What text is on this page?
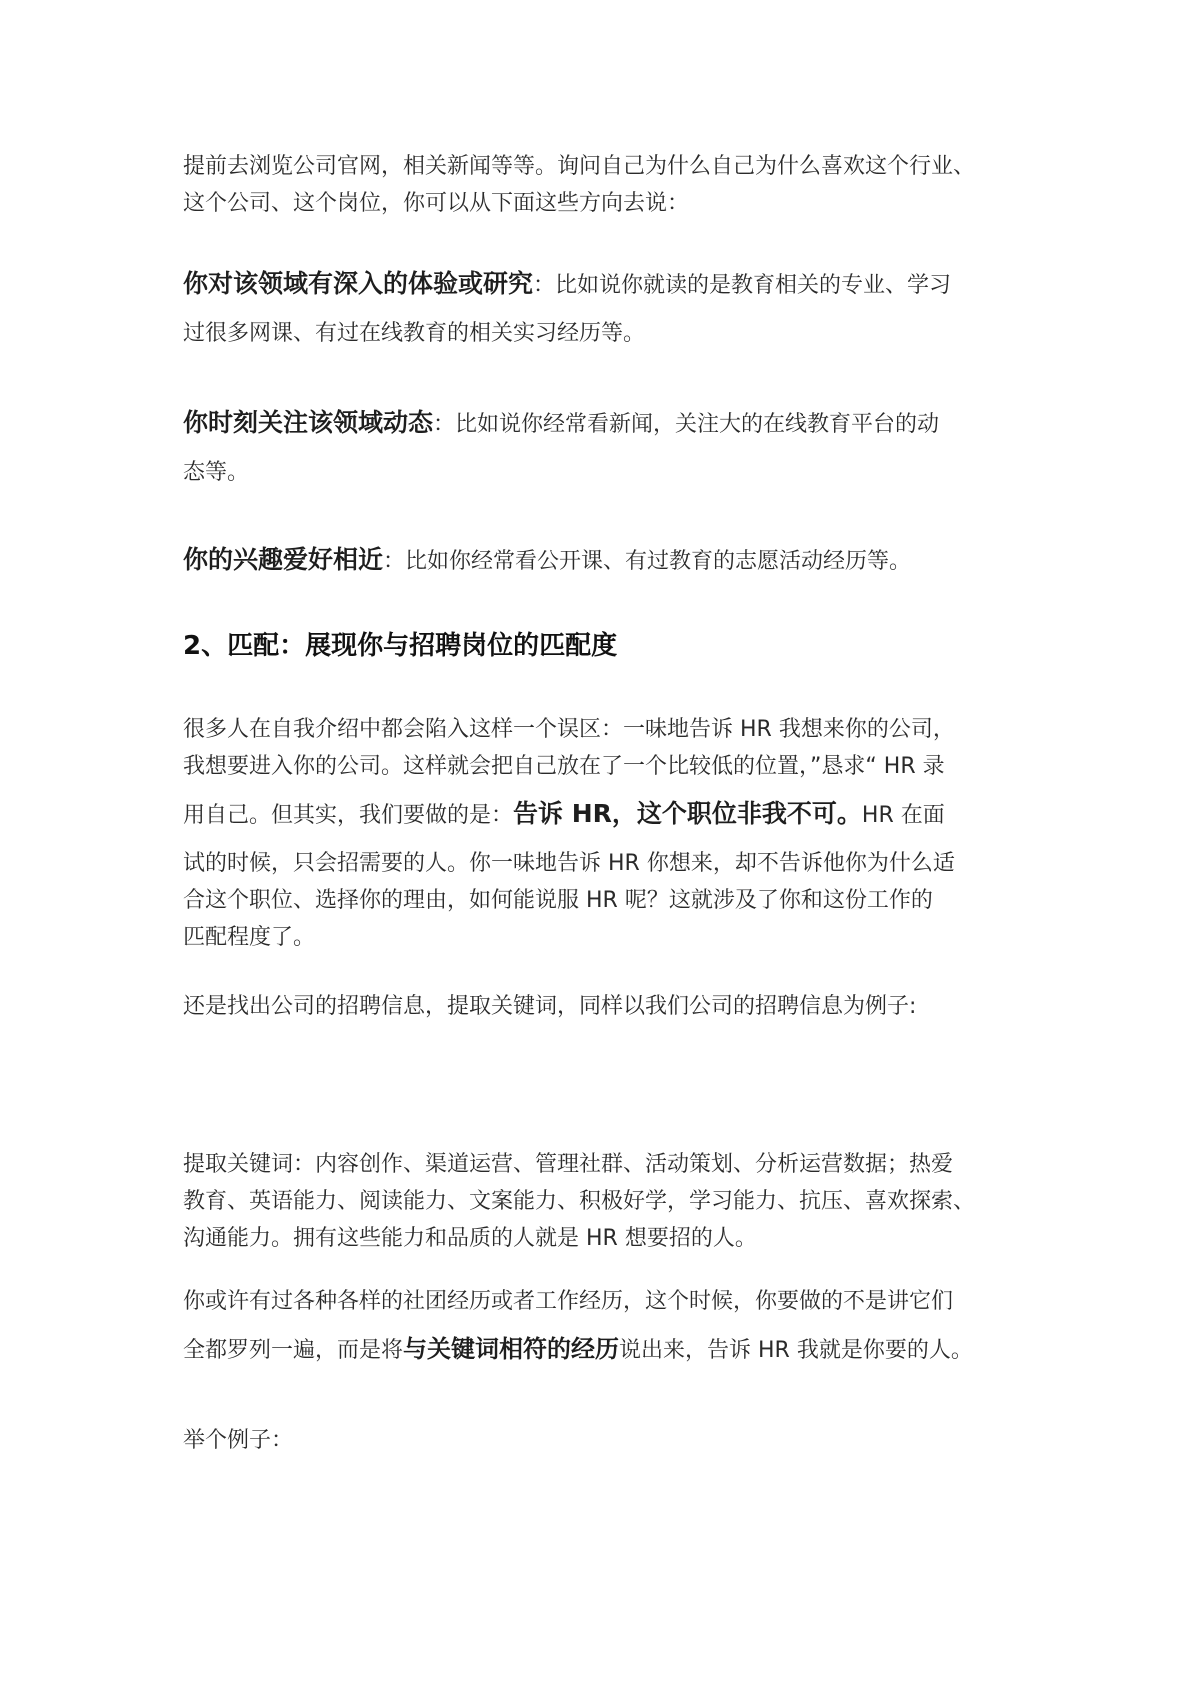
提前去浏览公司官网，相关新闻等等。询问自己为什么自己为什么喜欢这个行业、
这个公司、这个岗位，你可以从下面这些方向去说：

你对该领域有深入的体验或研究：比如说你就读的是教育相关的专业、学习
过很多网课、有过在线教育的相关实习经历等。

你时刻关注该领域动态：比如说你经常看新闻，关注大的在线教育平台的动
态等。

你的兴趣爱好相近：比如你经常看公开课、有过教育的志愿活动经历等。

2、匹配：展现你与招聘岗位的匹配度

很多人在自我介绍中都会陷入这样一个误区：一味地告诉 HR 我想来你的公司，
我想要进入你的公司。这样就会把自己放在了一个比较低的位置，”恳求“ HR 录
用自己。但其实，我们要做的是：告诉 HR，这个职位非我不可。HR 在面
试的时候，只会招需要的人。你一味地告诉 HR 你想来，却不告诉他你为什么适
合这个职位、选择你的理由，如何能说服 HR 呢？这就涉及了你和这份工作的
匹配程度了。

还是找出公司的招聘信息，提取关键词，同样以我们公司的招聘信息为例子:

提取关键词：内容创作、渠道运营、管理社群、活动策划、分析运营数据；热爱
教育、英语能力、阅读能力、文案能力、积极好学，学习能力、抗压、喜欢探索、
沟通能力。拥有这些能力和品质的人就是 HR 想要招的人。

你或许有过各种各样的社团经历或者工作经历，这个时候，你要做的不是讲它们
全都罗列一遍，而是将与关键词相符的经历说出来，告诉 HR 我就是你要的人。

举个例子：
